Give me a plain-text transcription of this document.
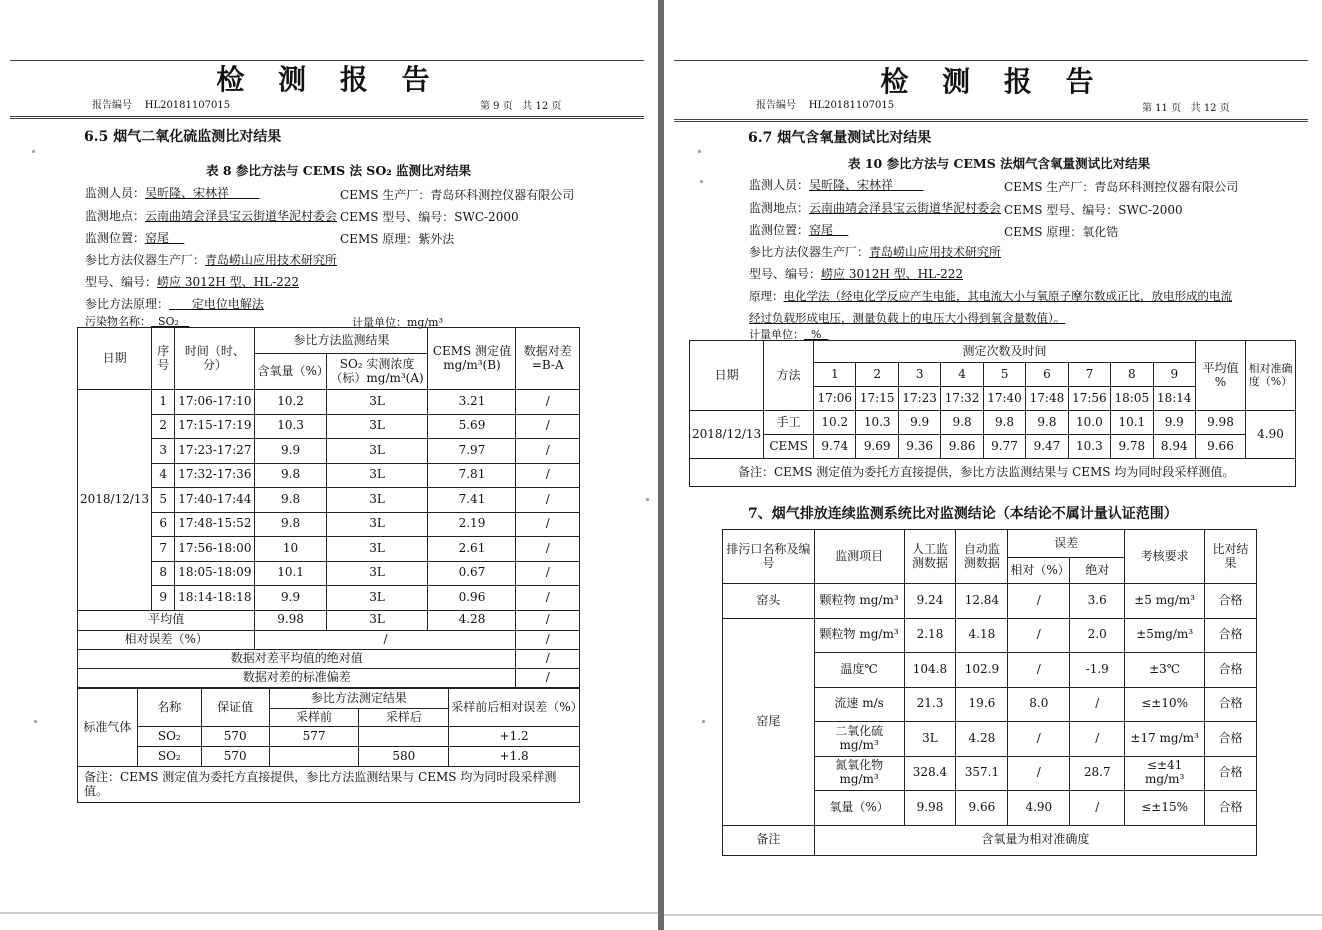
检 测 报 告
报告编号 HL20181107015	第 9 页 共 12 页
6.5 烟气二氧化硫监测比对结果
表 8 参比方法与 CEMS 法 SO₂ 监测比对结果
监测人员：吴昕隆、宋林祥	CEMS 生产厂：青岛环科测控仪器有限公司
监测地点：云南曲靖会泽县宝云街道华泥村委会 CEMS 型号、编号：SWC-2000
监测位置：窑尾	CEMS 原理：紫外法
参比方法仪器生产厂：青岛崂山应用技术研究所
型号、编号：崂应 3012H 型、HL-222
参比方法原理： 定电位电解法
污染物名称： SO₂	计量单位：mg/m³
日期	序号	时间（时、分）	参比方法监测结果		CEMS 测定值 mg/m³(B)	数据对差 =B-A
			含氧量（%）	SO₂ 实测浓度（标）mg/m³(A)		
2018/12/13	1	17:06-17:10	10.2	3L	3.21	/
	2	17:15-17:19	10.3	3L	5.69	/
	3	17:23-17:27	9.9	3L	7.97	/
	4	17:32-17:36	9.8	3L	7.81	/
	5	17:40-17:44	9.8	3L	7.41	/
	6	17:48-15:52	9.8	3L	2.19	/
	7	17:56-18:00	10	3L	2.61	/
	8	18:05-18:09	10.1	3L	0.67	/
	9	18:14-18:18	9.9	3L	0.96	/
平均值			9.98	3L	4.28	/
相对误差（%）			/			/
数据对差平均值的绝对值						/
数据对差的标准偏差						/
标准气体	名称	保证值	参比方法测定结果		采样前后相对误差（%）
			采样前	采样后	
	SO₂	570	577		+1.2
	SO₂	570		580	+1.8
备注：CEMS 测定值为委托方直接提供，参比方法监测结果与 CEMS 均为同时段采样测值。					
检 测 报 告
报告编号 HL20181107015	第 11 页 共 12 页
6.7 烟气含氧量测试比对结果
表 10 参比方法与 CEMS 法烟气含氧量测试比对结果
监测人员：吴昕隆、宋林祥	CEMS 生产厂：青岛环科测控仪器有限公司
监测地点：云南曲靖会泽县宝云街道华泥村委会 CEMS 型号、编号：SWC-2000
监测位置：窑尾	CEMS 原理：氧化锆
参比方法仪器生产厂：青岛崂山应用技术研究所
型号、编号：崂应 3012H 型、HL-222
原理：电化学法（经电化学反应产生电能，其电流大小与氧原子摩尔数成正比，放电形成的电流
经过负载形成电压，测量负载上的电压大小得到氧含量数值）。
计量单位： %
日期	方法	测定次数及时间									平均值 %	相对准确度（%）
		1	2	3	4	5	6	7	8	9		
		17:06	17:15	17:23	17:32	17:40	17:48	17:56	18:05	18:14		
2018/12/13	手工	10.2	10.3	9.9	9.8	9.8	9.8	10.0	10.1	9.9	9.98	4.90
	CEMS	9.74	9.69	9.36	9.86	9.77	9.47	10.3	9.78	8.94	9.66	
备注：CEMS 测定值为委托方直接提供，参比方法监测结果与 CEMS 均为同时段采样测值。												
7、烟气排放连续监测系统比对监测结论（本结论不属计量认证范围）
排污口名称及编号	监测项目	人工监测数据	自动监测数据	误差		考核要求	比对结果
				相对（%）	绝对		
窑头	颗粒物 mg/m³	9.24	12.84	/	3.6	±5 mg/m³	合格
窑尾	颗粒物 mg/m³	2.18	4.18	/	2.0	±5mg/m³	合格
	温度℃	104.8	102.9	/	-1.9	±3℃	合格
	流速 m/s	21.3	19.6	8.0	/	≤±10%	合格
	二氧化硫 mg/m³	3L	4.28	/	/	±17 mg/m³	合格
	氮氧化物 mg/m³	328.4	357.1	/	28.7	≤±41 mg/m³	合格
	氧量（%）	9.98	9.66	4.90	/	≤±15%	合格
备注	含氧量为相对准确度						
